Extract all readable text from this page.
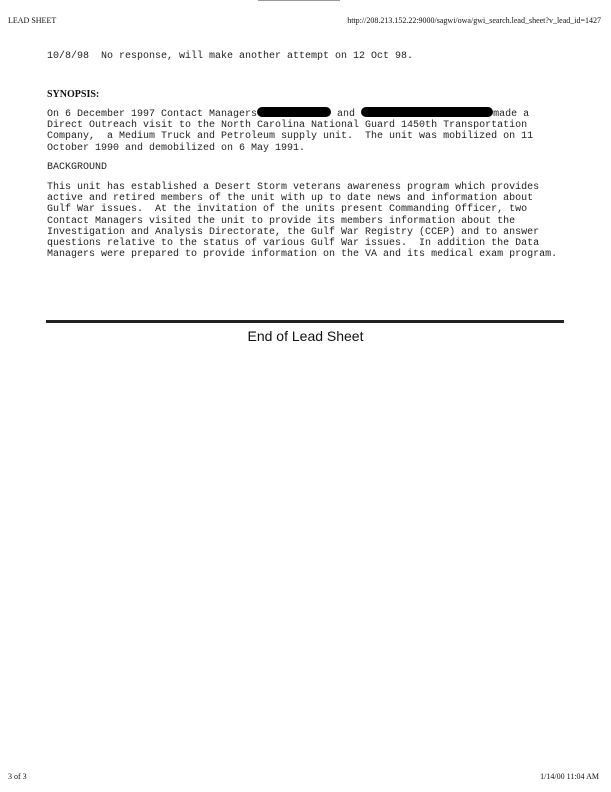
LEAD SHEET	http://208.213.152.22:9000/sagwi/owa/gwi_search.lead_sheet?v_lead_id=1427
10/8/98  No response, will make another attempt on 12 Oct 98.
SYNOPSIS:
On 6 December 1997 Contact Managers	and	made a
Direct Outreach visit to the North Carolina National Guard 1450th Transportation
Company,  a Medium Truck and Petroleum supply unit.  The unit was mobilized on 11
October 1990 and demobilized on 6 May 1991.
BACKGROUND
This unit has established a Desert Storm veterans awareness program which provides
active and retired members of the unit with up to date news and information about
Gulf War issues.  At the invitation of the units present Commanding Officer, two
Contact Managers visited the unit to provide its members information about the
Investigation and Analysis Directorate, the Gulf War Registry (CCEP) and to answer
questions relative to the status of various Gulf War issues.  In addition the Data
Managers were prepared to provide information on the VA and its medical exam program.
End of Lead Sheet
3 of 3	1/14/00 11:04 AM
